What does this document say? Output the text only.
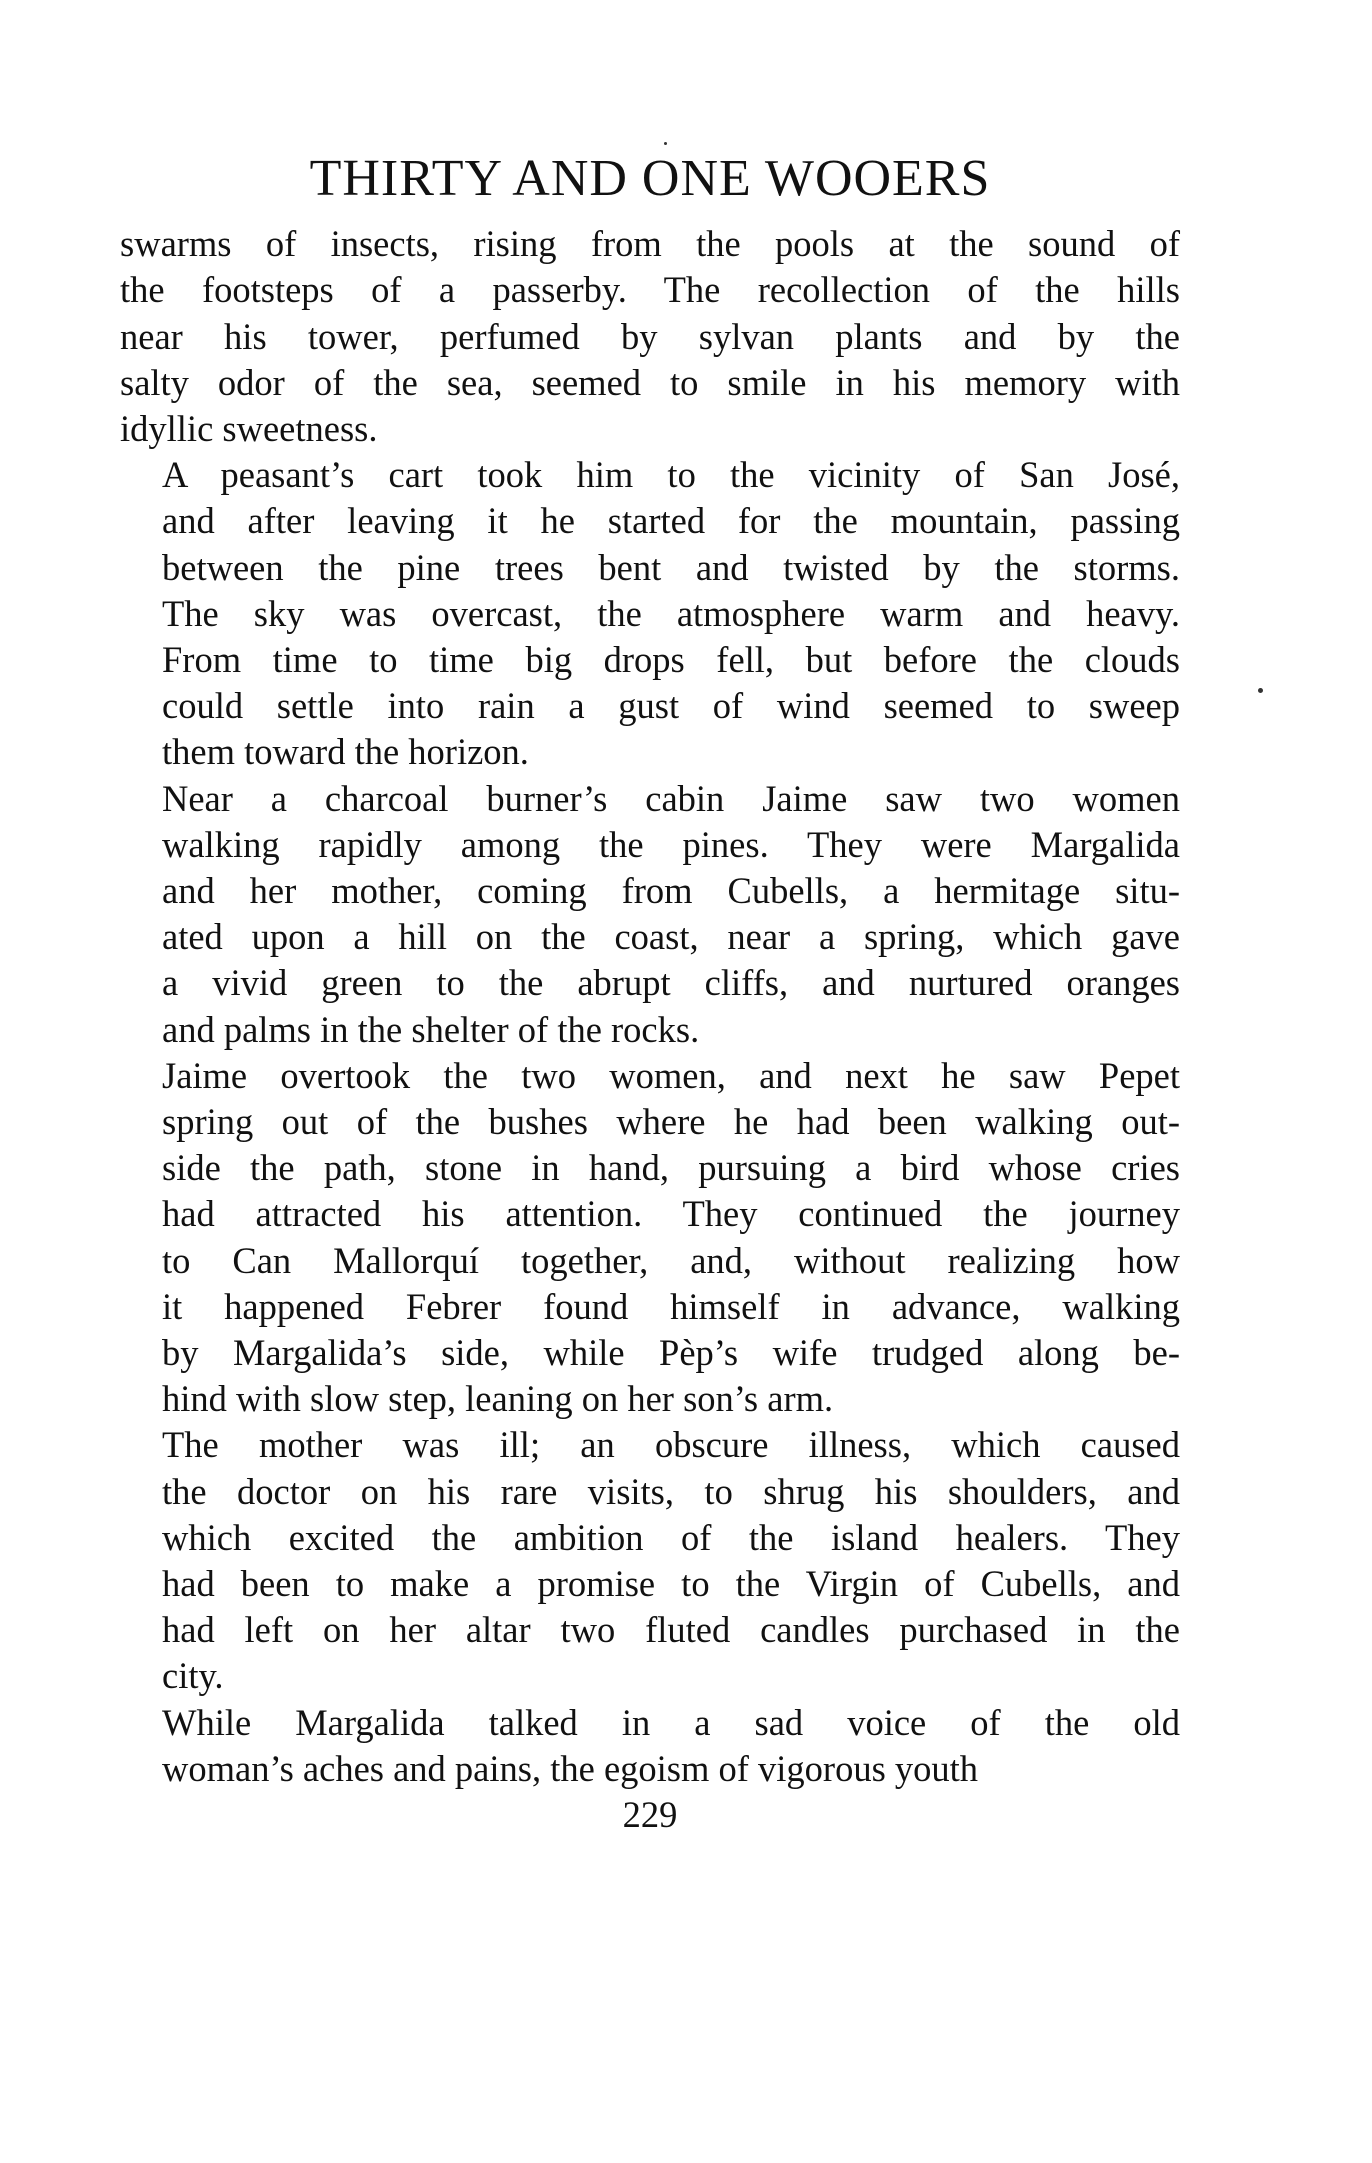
THIRTY AND ONE WOOERS

swarms of insects, rising from the pools at the sound of
the footsteps of a passerby. The recollection of the hills
near his tower, perfumed by sylvan plants and by the
salty odor of the sea, seemed to smile in his memory with
idyllic sweetness.

A peasant’s cart took him to the vicinity of San José,
and after leaving it he started for the mountain, passing
between the pine trees bent and twisted by the storms.
The sky was overcast, the atmosphere warm and heavy.
From time to time big drops fell, but before the clouds
could settle into rain a gust of wind seemed to sweep
them toward the horizon.

Near a charcoal burner’s cabin Jaime saw two women
walking rapidly among the pines. They were Margalida
and her mother, coming from Cubells, a hermitage situ-
ated upon a hill on the coast, near a spring, which gave
a vivid green to the abrupt cliffs, and nurtured oranges
and palms in the shelter of the rocks.

Jaime overtook the two women, and next he saw Pepet
spring out of the bushes where he had been walking out-
side the path, stone in hand, pursuing a bird whose cries
had attracted his attention. They continued the journey
to Can Mallorquí together, and, without realizing how
it happened Febrer found himself in advance, walking
by Margalida’s side, while Pèp’s wife trudged along be-
hind with slow step, leaning on her son’s arm.

The mother was ill; an obscure illness, which caused
the doctor on his rare visits, to shrug his shoulders, and
which excited the ambition of the island healers. They
had been to make a promise to the Virgin of Cubells, and
had left on her altar two fluted candles purchased in the
city.

While Margalida talked in a sad voice of the old
woman’s aches and pains, the egoism of vigorous youth

229
